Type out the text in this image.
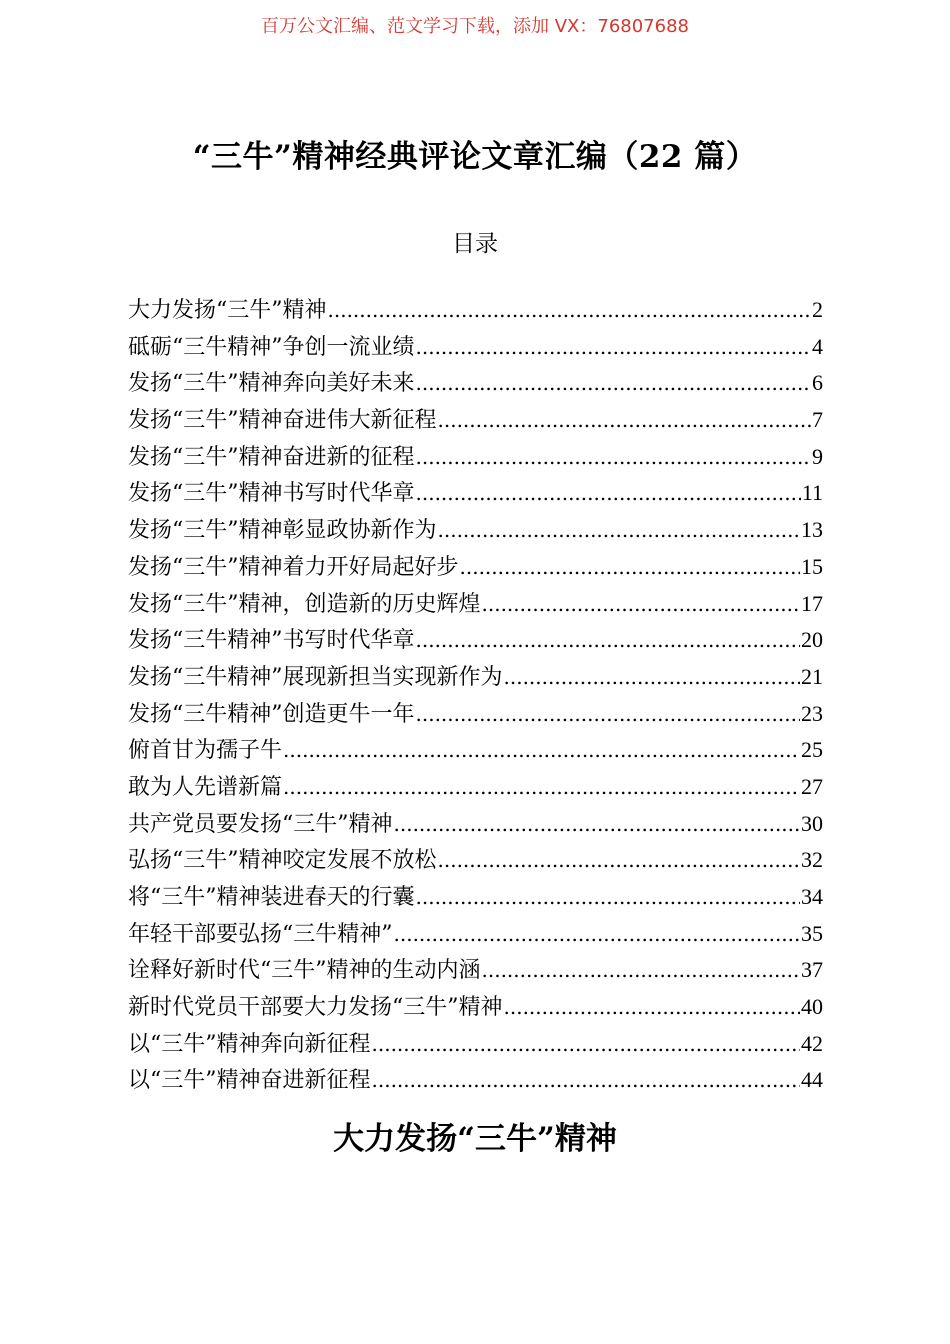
百万公文汇编、范文学习下载，添加 VX：76807688
“三牛”精神经典评论文章汇编（22 篇）
目录
大力发扬“三牛”精神 .....	2
砥砺“三牛精神”争创一流业绩 .....	4
发扬“三牛”精神奔向美好未来 .....	6
发扬“三牛”精神奋进伟大新征程 .....	7
发扬“三牛”精神奋进新的征程 .....	9
发扬“三牛”精神书写时代华章 .....	11
发扬“三牛”精神彰显政协新作为 .....	13
发扬“三牛”精神着力开好局起好步 .....	15
发扬“三牛”精神，创造新的历史辉煌 .....	17
发扬“三牛精神”书写时代华章 .....	20
发扬“三牛精神”展现新担当实现新作为 .....	21
发扬“三牛精神”创造更牛一年 .....	23
俯首甘为孺子牛 .....	25
敢为人先谱新篇 .....	27
共产党员要发扬“三牛”精神 .....	30
弘扬“三牛”精神咬定发展不放松 .....	32
将“三牛”精神装进春天的行囊 .....	34
年轻干部要弘扬“三牛精神” .....	35
诠释好新时代“三牛”精神的生动内涵 .....	37
新时代党员干部要大力发扬“三牛”精神 .....	40
以“三牛”精神奔向新征程 .....	42
以“三牛”精神奋进新征程 .....	44
大力发扬“三牛”精神
